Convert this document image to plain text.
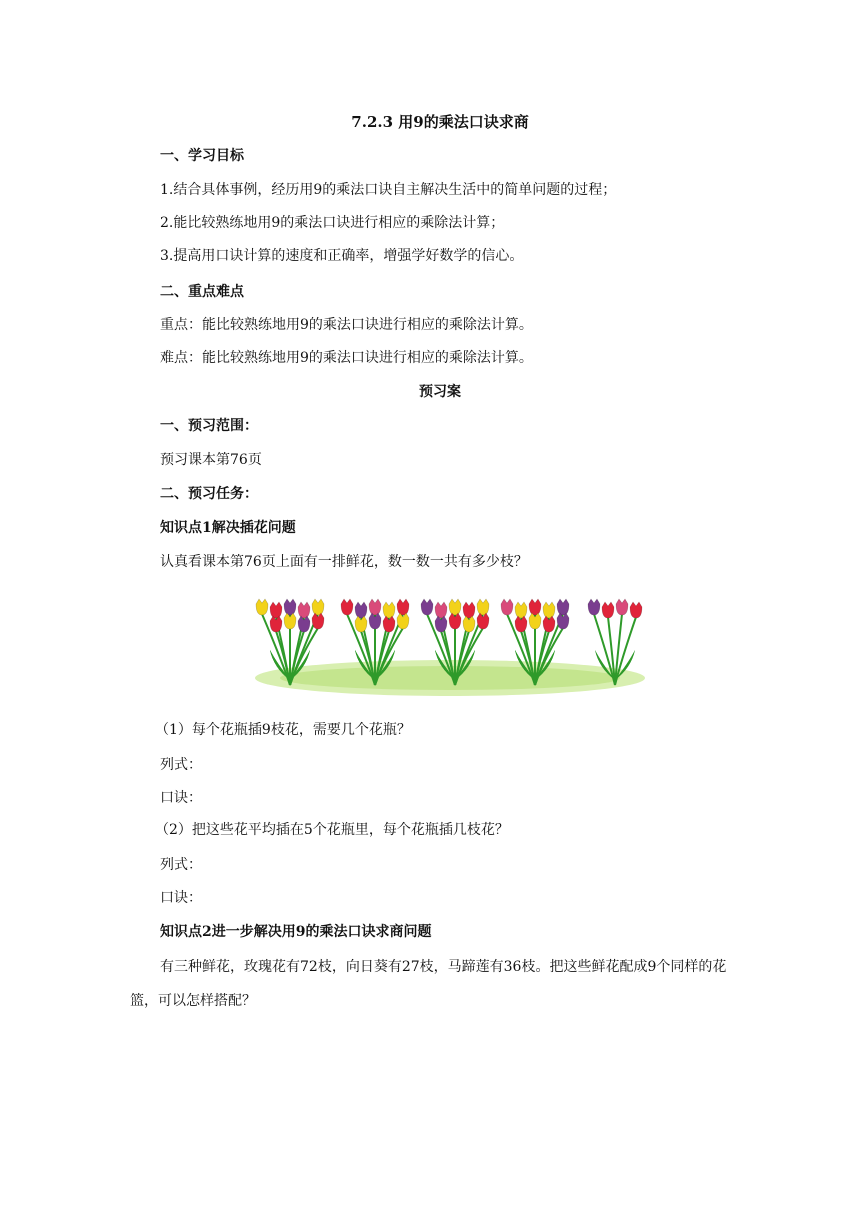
7.2.3 用9的乘法口诀求商
一、学习目标
1.结合具体事例，经历用9的乘法口诀自主解决生活中的简单问题的过程；
2.能比较熟练地用9的乘法口诀进行相应的乘除法计算；
3.提高用口诀计算的速度和正确率，增强学好数学的信心。
二、重点难点
重点：能比较熟练地用9的乘法口诀进行相应的乘除法计算。
难点：能比较熟练地用9的乘法口诀进行相应的乘除法计算。
预习案
一、预习范围：
预习课本第76页
二、预习任务：
知识点1解决插花问题
认真看课本第76页上面有一排鲜花，数一数一共有多少枝？
（1）每个花瓶插9枝花，需要几个花瓶？
列式：
口诀：
（2）把这些花平均插在5个花瓶里，每个花瓶插几枝花？
列式：
口诀：
知识点2进一步解决用9的乘法口诀求商问题
有三种鲜花，玫瑰花有72枝，向日葵有27枝，马蹄莲有36枝。把这些鲜花配成9个同样的花篮，可以怎样搭配？
